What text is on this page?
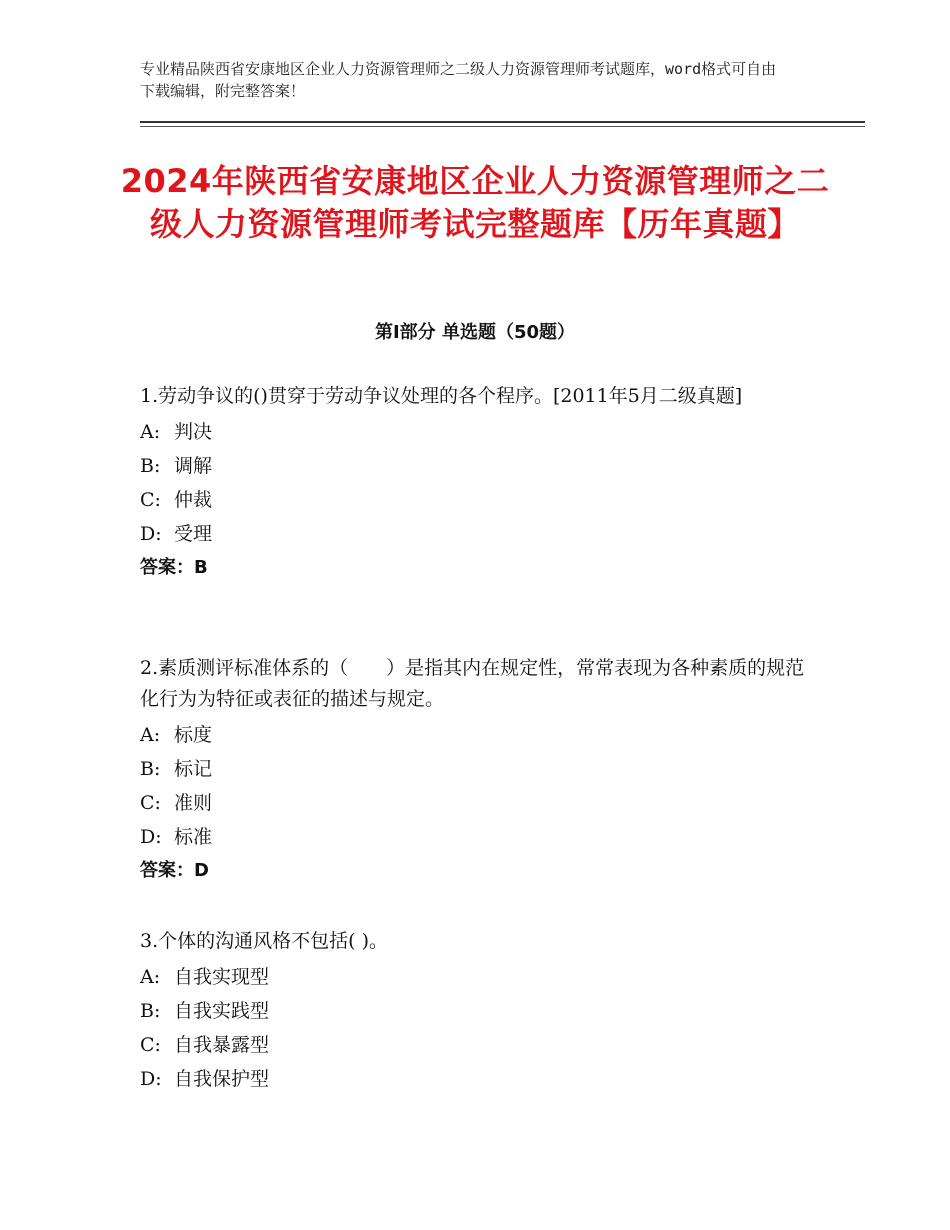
专业精品陕西省安康地区企业人力资源管理师之二级人力资源管理师考试题库，word格式可自由下载编辑，附完整答案！
2024年陕西省安康地区企业人力资源管理师之二级人力资源管理师考试完整题库【历年真题】
第Ⅰ部分 单选题（50题）

1.劳动争议的()贯穿于劳动争议处理的各个程序。[2011年5月二级真题]

A: 判决

B: 调解

C: 仲裁

D: 受理

答案：B

2.素质测评标准体系的（　　）是指其内在规定性，常常表现为各种素质的规范化行为为特征或表征的描述与规定。

A: 标度

B: 标记

C: 准则

D: 标准

答案：D

3.个体的沟通风格不包括( )。

A: 自我实现型

B: 自我实践型

C: 自我暴露型

D: 自我保护型
